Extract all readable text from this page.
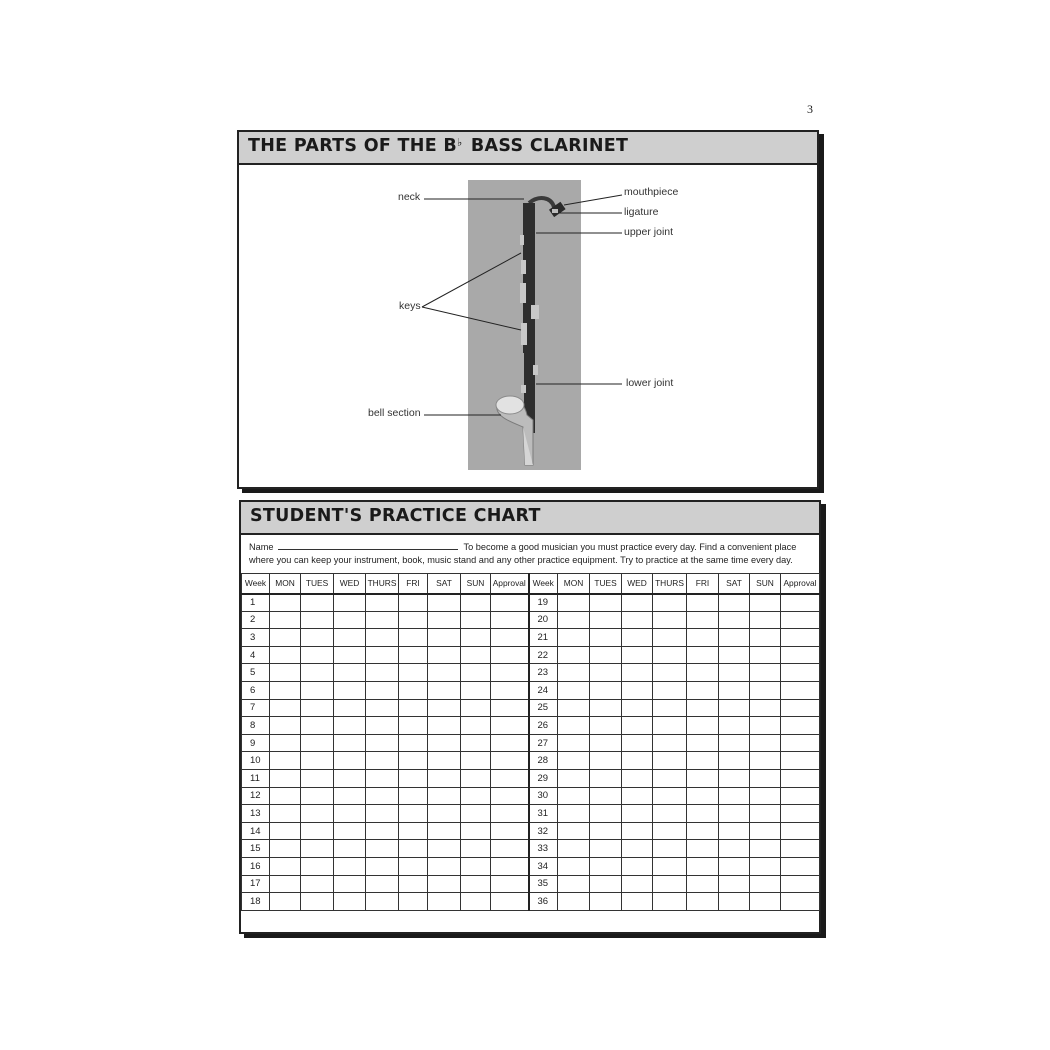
3
THE PARTS OF THE B♭ BASS CLARINET
neck
keys
bell section
mouthpiece
ligature
upper joint
lower joint
STUDENT'S PRACTICE CHART
Name	To become a good musician you must practice every day. Find a convenient place where you can keep your instrument, book, music stand and any other practice equipment. Try to practice at the same time every day.
Week	MON	TUES	WED	THURS	FRI	SAT	SUN	Approval	Week	MON	TUES	WED	THURS	FRI	SAT	SUN	Approval
1									19								
2									20								
3									21								
4									22								
5									23								
6									24								
7									25								
8									26								
9									27								
10									28								
11									29								
12									30								
13									31								
14									32								
15									33								
16									34								
17									35								
18									36								
